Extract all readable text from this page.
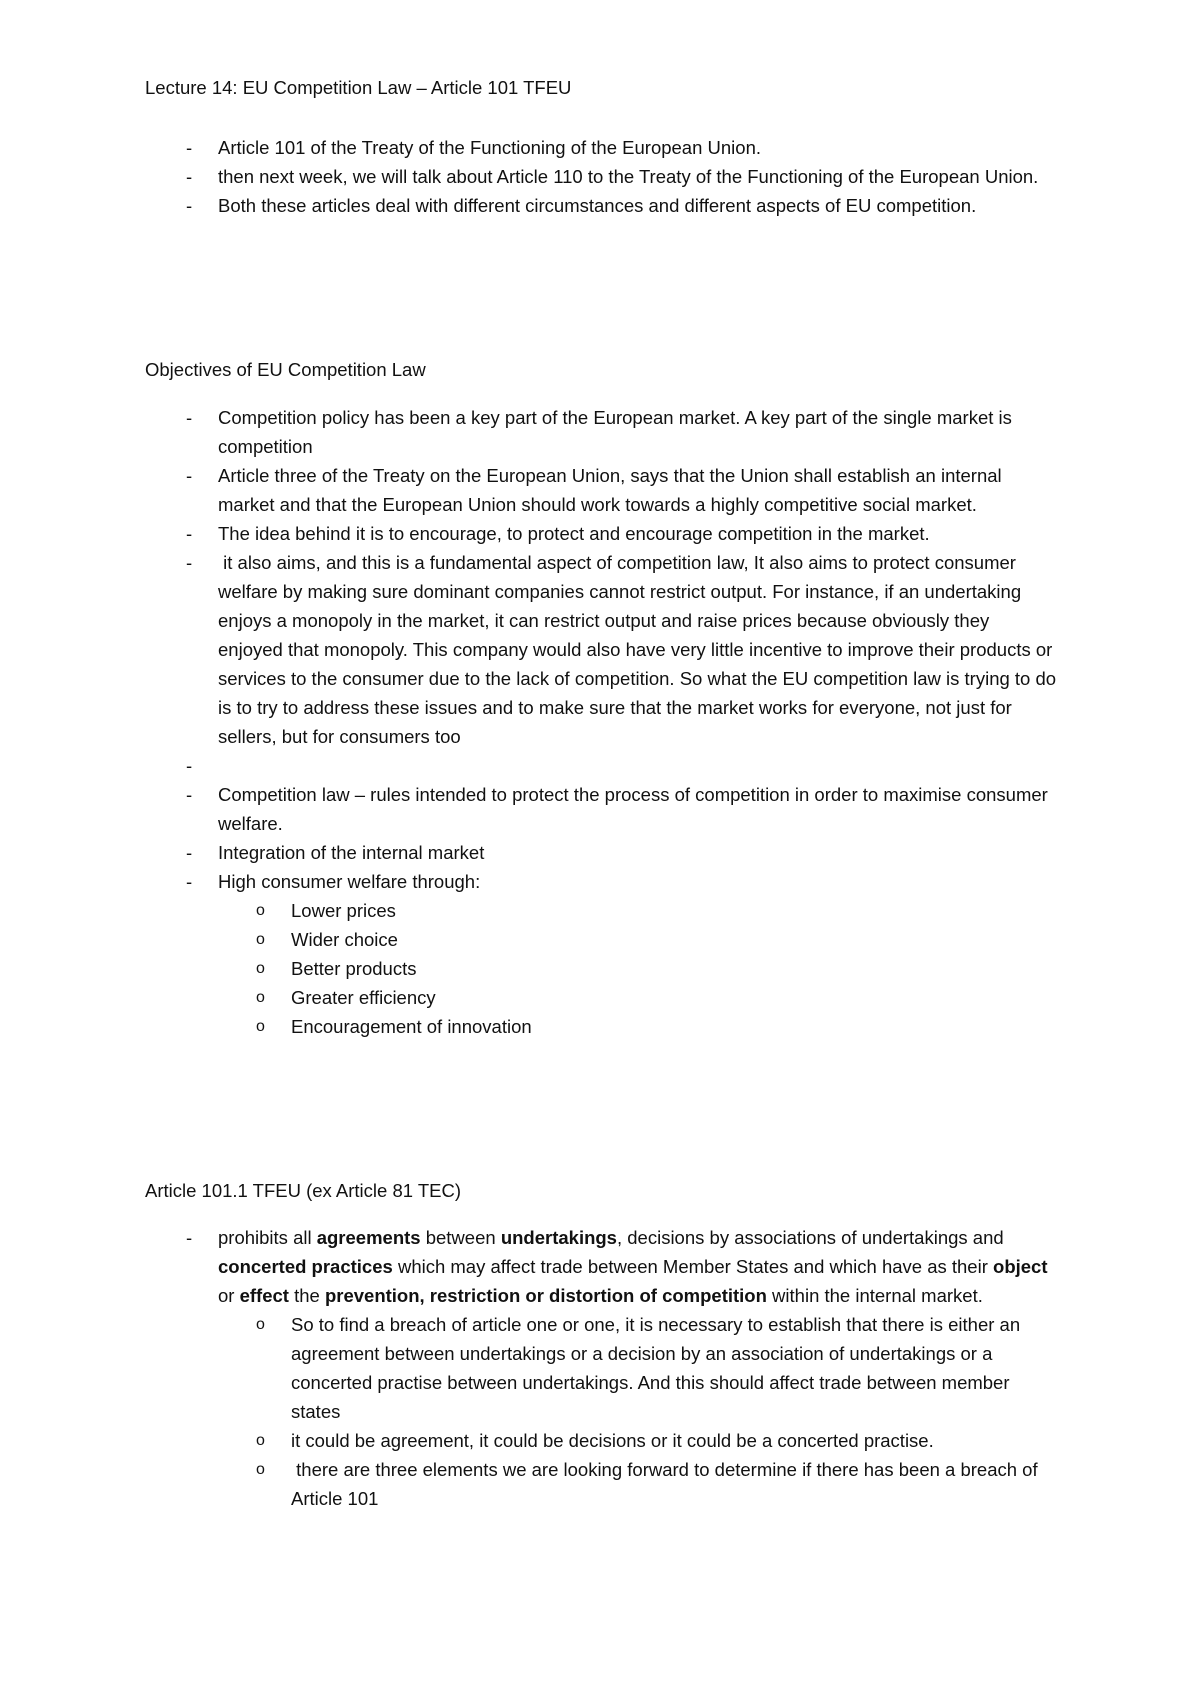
Lecture 14: EU Competition Law – Article 101 TFEU
- Article 101 of the Treaty of the Functioning of the European Union.
- then next week, we will talk about Article 110 to the Treaty of the Functioning of the European Union.
- Both these articles deal with different circumstances and different aspects of EU competition.
Objectives of EU Competition Law
- Competition policy has been a key part of the European market. A key part of the single market is competition
- Article three of the Treaty on the European Union, says that the Union shall establish an internal market and that the European Union should work towards a highly competitive social market.
- The idea behind it is to encourage, to protect and encourage competition in the market.
- it also aims, and this is a fundamental aspect of competition law, It also aims to protect consumer welfare by making sure dominant companies cannot restrict output. For instance, if an undertaking enjoys a monopoly in the market, it can restrict output and raise prices because obviously they enjoyed that monopoly. This company would also have very little incentive to improve their products or services to the consumer due to the lack of competition. So what the EU competition law is trying to do is to try to address these issues and to make sure that the market works for everyone, not just for sellers, but for consumers too
-
- Competition law – rules intended to protect the process of competition in order to maximise consumer welfare.
- Integration of the internal market
- High consumer welfare through:
o Lower prices
o Wider choice
o Better products
o Greater efficiency
o Encouragement of innovation
Article 101.1 TFEU (ex Article 81 TEC)
- prohibits all agreements between undertakings, decisions by associations of undertakings and concerted practices which may affect trade between Member States and which have as their object or effect the prevention, restriction or distortion of competition within the internal market.
o So to find a breach of article one or one, it is necessary to establish that there is either an agreement between undertakings or a decision by an association of undertakings or a concerted practise between undertakings. And this should affect trade between member states
o it could be agreement, it could be decisions or it could be a concerted practise.
o there are three elements we are looking forward to determine if there has been a breach of Article 101
